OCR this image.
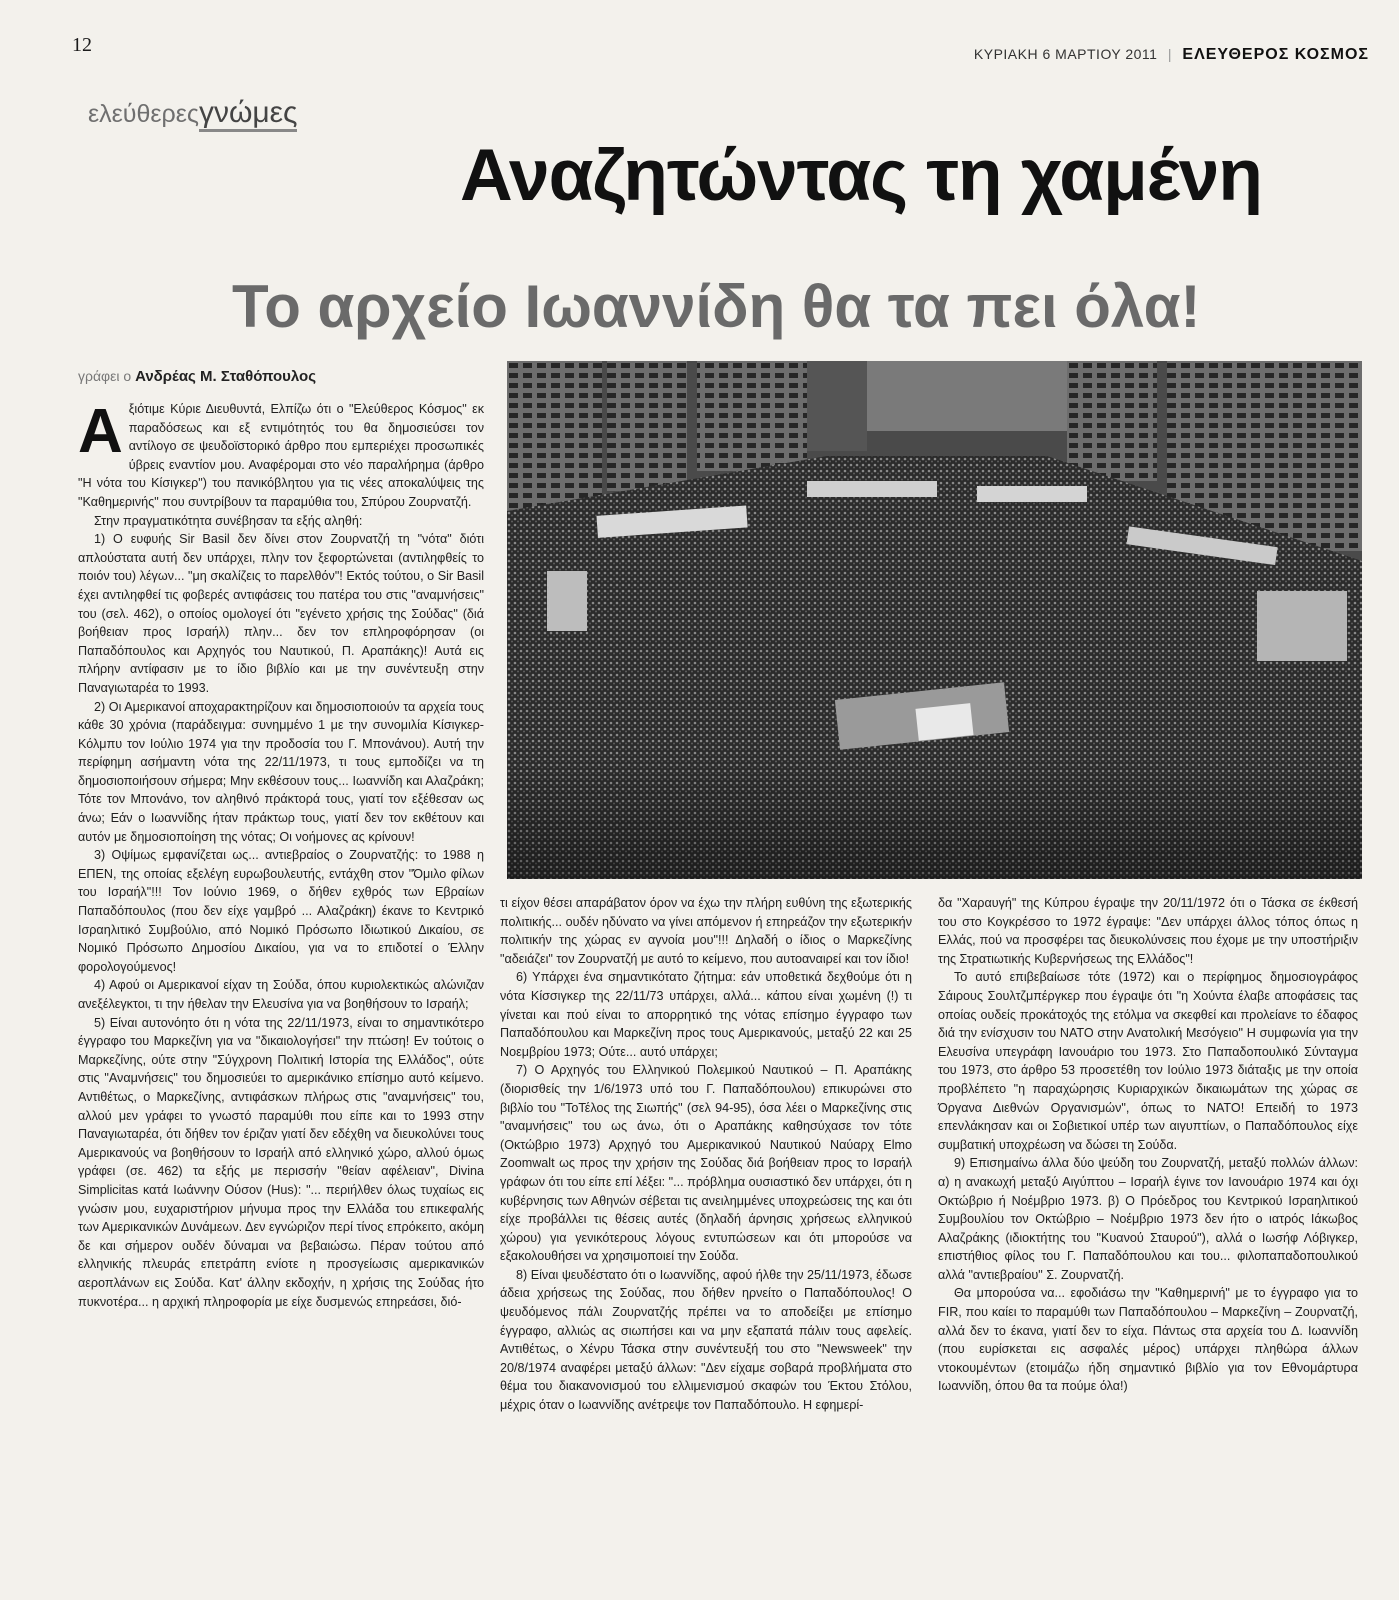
12	ΚΥΡΙΑΚΗ 6 ΜΑΡΤΙΟΥ 2011 | ΕΛΕΥΘΕΡΟΣ ΚΟΣΜΟΣ
ελεύθερεςγνώμες
Αναζητώντας τη χαμένη
Το αρχείο Ιωαννίδη θα τα πει όλα!
γράφει ο Ανδρέας Μ. Σταθόπουλος

Αξιότιμε Κύριε Διευθυντά, Ελπίζω ότι ο "Ελεύθερος Κόσμος" εκ παραδόσεως και εξ εντιμότητός του θα δημοσιεύσει τον αντίλογο σε ψευδοϊστορικό άρθρο που εμπεριέχει προσωπικές ύβρεις εναντίον μου. Αναφέρομαι στο νέο παραλήρημα (άρθρο "Η νότα του Κίσιγκερ") του πανικόβλητου για τις νέες αποκαλύψεις της "Καθημερινής" που συντρίβουν τα παραμύθια του, Σπύρου Ζουρνατζή.

Στην πραγματικότητα συνέβησαν τα εξής αληθή:

1) Ο ευφυής Sir Basil δεν δίνει στον Ζουρνατζή τη "νότα" διότι απλούστατα αυτή δεν υπάρχει, πλην τον ξεφορτώνεται (αντιληφθείς το ποιόν του) λέγων... "μη σκαλίζεις το παρελθόν"! Εκτός τούτου, ο Sir Basil έχει αντιληφθεί τις φοβερές αντιφάσεις του πατέρα του στις "αναμνήσεις" του (σελ. 462), ο οποίος ομολογεί ότι "εγένετο χρήσις της Σούδας" (διά βοήθειαν προς Ισραήλ) πλην... δεν τον επληροφόρησαν (οι Παπαδόπουλος και Αρχηγός του Ναυτικού, Π. Αραπάκης)! Αυτά εις πλήρην αντίφασιν με το ίδιο βιβλίο και με την συνέντευξη στην Παναγιωταρέα το 1993.

2) Οι Αμερικανοί αποχαρακτηρίζουν και δημοσιοποιούν τα αρχεία τους κάθε 30 χρόνια (παράδειγμα: συνημμένο 1 με την συνομιλία Κίσιγκερ-Κόλμπυ τον Ιούλιο 1974 για την προδοσία του Γ. Μπονάνου). Αυτή την περίφημη ασήμαντη νότα της 22/11/1973, τι τους εμποδίζει να τη δημοσιοποιήσουν σήμερα; Μην εκθέσουν τους... Ιωαννίδη και Αλαζράκη; Τότε τον Μπονάνο, τον αληθινό πράκτορά τους, γιατί τον εξέθεσαν ως άνω; Εάν ο Ιωαννίδης ήταν πράκτωρ τους, γιατί δεν τον εκθέτουν και αυτόν με δημοσιοποίηση της νότας; Οι νοήμονες ας κρίνουν!

3) Οψίμως εμφανίζεται ως... αντιεβραίος ο Ζουρνατζής: το 1988 η ΕΠΕΝ, της οποίας εξελέγη ευρωβουλευτής, εντάχθη στον "Όμιλο φίλων του Ισραήλ"!!! Τον Ιούνιο 1969, ο δήθεν εχθρός των Εβραίων Παπαδόπουλος (που δεν είχε γαμβρό ... Αλαζράκη) έκανε το Κεντρικό Ισραηλιτικό Συμβούλιο, από Νομικό Πρόσωπο Ιδιωτικού Δικαίου, σε Νομικό Πρόσωπο Δημοσίου Δικαίου, για να το επιδοτεί ο Έλλην φορολογούμενος!

4) Αφού οι Αμερικανοί είχαν τη Σούδα, όπου κυριολεκτικώς αλώνιζαν ανεξέλεγκτοι, τι την ήθελαν την Ελευσίνα για να βοηθήσουν το Ισραήλ;

5) Είναι αυτονόητο ότι η νότα της 22/11/1973, είναι το σημαντικότερο έγγραφο του Μαρκεζίνη για να "δικαιολογήσει" την πτώση! Εν τούτοις ο Μαρκεζίνης, ούτε στην "Σύγχρονη Πολιτική Ιστορία της Ελλάδος", ούτε στις "Αναμνήσεις" του δημοσιεύει το αμερικάνικο επίσημο αυτό κείμενο. Αντιθέτως, ο Μαρκεζίνης, αντιφάσκων πλήρως στις "αναμνήσεις" του, αλλού μεν γράφει το γνωστό παραμύθι που είπε και το 1993 στην Παναγιωταρέα, ότι δήθεν τον έριζαν γιατί δεν εδέχθη να διευκολύνει τους Αμερικανούς να βοηθήσουν το Ισραήλ από ελληνικό χώρο, αλλού όμως γράφει (σε. 462) τα εξής με περισσήν "θείαν αφέλειαν", Divina Simplicitas κατά Ιωάννην Ούσον (Hus): "... περιήλθεν όλως τυχαίως εις γνώσιν μου, ευχαριστήριον μήνυμα προς την Ελλάδα του επικεφαλής των Αμερικανικών Δυνάμεων. Δεν εγνώριζον περί τίνος επρόκειτο, ακόμη δε και σήμερον ουδέν δύναμαι να βεβαιώσω. Πέραν τούτου από ελληνικής πλευράς επετράπη ενίοτε η προσγείωσις αμερικανικών αεροπλάνων εις Σούδα. Κατ' άλλην εκδοχήν, η χρήσις της Σούδας ήτο πυκνοτέρα... η αρχική πληροφορία με είχε δυσμενώς επηρεάσει, διό-

τι είχον θέσει απαράβατον όρον να έχω την πλήρη ευθύνη της εξωτερικής πολιτικής... ουδέν ηδύνατο να γίνει απόμενον ή επηρεάζον την εξωτερικήν πολιτικήν της χώρας εν αγνοία μου"!!! Δηλαδή ο ίδιος ο Μαρκεζίνης "αδειάζει" τον Ζουρνατζή με αυτό το κείμενο, που αυτοαναιρεί και τον ίδιο!

6) Υπάρχει ένα σημαντικότατο ζήτημα: εάν υποθετικά δεχθούμε ότι η νότα Κίσσιγκερ της 22/11/73 υπάρχει, αλλά... κάπου είναι χωμένη (!) τι γίνεται και πού είναι το απορρητικό της νότας επίσημο έγγραφο των Παπαδόπουλου και Μαρκεζίνη προς τους Αμερικανούς, μεταξύ 22 και 25 Νοεμβρίου 1973; Ούτε... αυτό υπάρχει;

7) Ο Αρχηγός του Ελληνικού Πολεμικού Ναυτικού – Π. Αραπάκης (διορισθείς την 1/6/1973 υπό του Γ. Παπαδόπουλου) επικυρώνει στο βιβλίο του "ΤοΤέλος της Σιωπής" (σελ 94-95), όσα λέει ο Μαρκεζίνης στις "αναμνήσεις" του ως άνω, ότι ο Αραπάκης καθησύχασε τον τότε (Οκτώβριο 1973) Αρχηγό του Αμερικανικού Ναυτικού Ναύαρχ Elmo Zoomwalt ως προς την χρήσιν της Σούδας διά βοήθειαν προς το Ισραήλ γράφων ότι του είπε επί λέξει: "... πρόβλημα ουσιαστικό δεν υπάρχει, ότι η κυβέρνησις των Αθηνών σέβεται τις ανειλημμένες υποχρεώσεις της και ότι είχε προβάλλει τις θέσεις αυτές (δηλαδή άρνησις χρήσεως ελληνικού χώρου) για γενικότερους λόγους εντυπώσεων και ότι μπορούσε να εξακολουθήσει να χρησιμοποιεί την Σούδα.

8) Είναι ψευδέστατο ότι ο Ιωαννίδης, αφού ήλθε την 25/11/1973, έδωσε άδεια χρήσεως της Σούδας, που δήθεν ηρνείτο ο Παπαδόπουλος! Ο ψευδόμενος πάλι Ζουρνατζής πρέπει να το αποδείξει με επίσημο έγγραφο, αλλιώς ας σιωπήσει και να μην εξαπατά πάλιν τους αφελείς. Αντιθέτως, ο Χένρυ Τάσκα στην συνέντευξή του στο "Newsweek" την 20/8/1974 αναφέρει μεταξύ άλλων: "Δεν είχαμε σοβαρά προβλήματα στο θέμα του διακανονισμού του ελλιμενισμού σκαφών του Έκτου Στόλου, μέχρις όταν ο Ιωαννίδης ανέτρεψε τον Παπαδόπουλο. Η εφημερί-

δα "Χαραυγή" της Κύπρου έγραψε την 20/11/1972 ότι ο Τάσκα σε έκθεσή του στο Κογκρέσσο το 1972 έγραψε: "Δεν υπάρχει άλλος τόπος όπως η Ελλάς, πού να προσφέρει τας διευκολύνσεις που έχομε με την υποστήριξιν της Στρατιωτικής Κυβερνήσεως της Ελλάδος"!

Το αυτό επιβεβαίωσε τότε (1972) και ο περίφημος δημοσιογράφος Σάιρους Σουλτζμπέργκερ που έγραψε ότι "η Χούντα έλαβε αποφάσεις τας οποίας ουδείς προκάτοχός της ετόλμα να σκεφθεί και προλείανε το έδαφος διά την ενίσχυσιν του ΝΑΤΟ στην Ανατολική Μεσόγειο" Η συμφωνία για την Ελευσίνα υπεγράφη Ιανουάριο του 1973. Στο Παπαδοπουλικό Σύνταγμα του 1973, στο άρθρο 53 προσετέθη τον Ιούλιο 1973 διάταξις με την οποία προβλέπετο "η παραχώρησις Κυριαρχικών δικαιωμάτων της χώρας σε Όργανα Διεθνών Οργανισμών", όπως το ΝΑΤΟ! Επειδή το 1973 επενλάκησαν και οι Σοβιετικοί υπέρ των αιγυπτίων, ο Παπαδόπουλος είχε συμβατική υποχρέωση να δώσει τη Σούδα.

9) Επισημαίνω άλλα δύο ψεύδη του Ζουρνατζή, μεταξύ πολλών άλλων: α) η ανακωχή μεταξύ Αιγύπτου – Ισραήλ έγινε τον Ιανουάριο 1974 και όχι Οκτώβριο ή Νοέμβριο 1973. β) Ο Πρόεδρος του Κεντρικού Ισραηλιτικού Συμβουλίου τον Οκτώβριο – Νοέμβριο 1973 δεν ήτο ο ιατρός Ιάκωβος Αλαζράκης (ιδιοκτήτης του "Κυανού Σταυρού"), αλλά ο Ιωσήφ Λόβιγκερ, επιστήθιος φίλος του Γ. Παπαδόπουλου και του... φιλοπαπαδοπουλικού αλλά "αντιεβραίου" Σ. Ζουρνατζή.

Θα μπορούσα να... εφοδιάσω την "Καθημερινή" με το έγγραφο για το FIR, που καίει το παραμύθι των Παπαδόπουλου – Μαρκεζίνη – Ζουρνατζή, αλλά δεν το έκανα, γιατί δεν το είχα. Πάντως στα αρχεία του Δ. Ιωαννίδη (που ευρίσκεται εις ασφαλές μέρος) υπάρχει πληθώρα άλλων ντοκουμέντων (ετοιμάζω ήδη σημαντικό βιβλίο για τον Εθνομάρτυρα Ιωαννίδη, όπου θα τα πούμε όλα!)
